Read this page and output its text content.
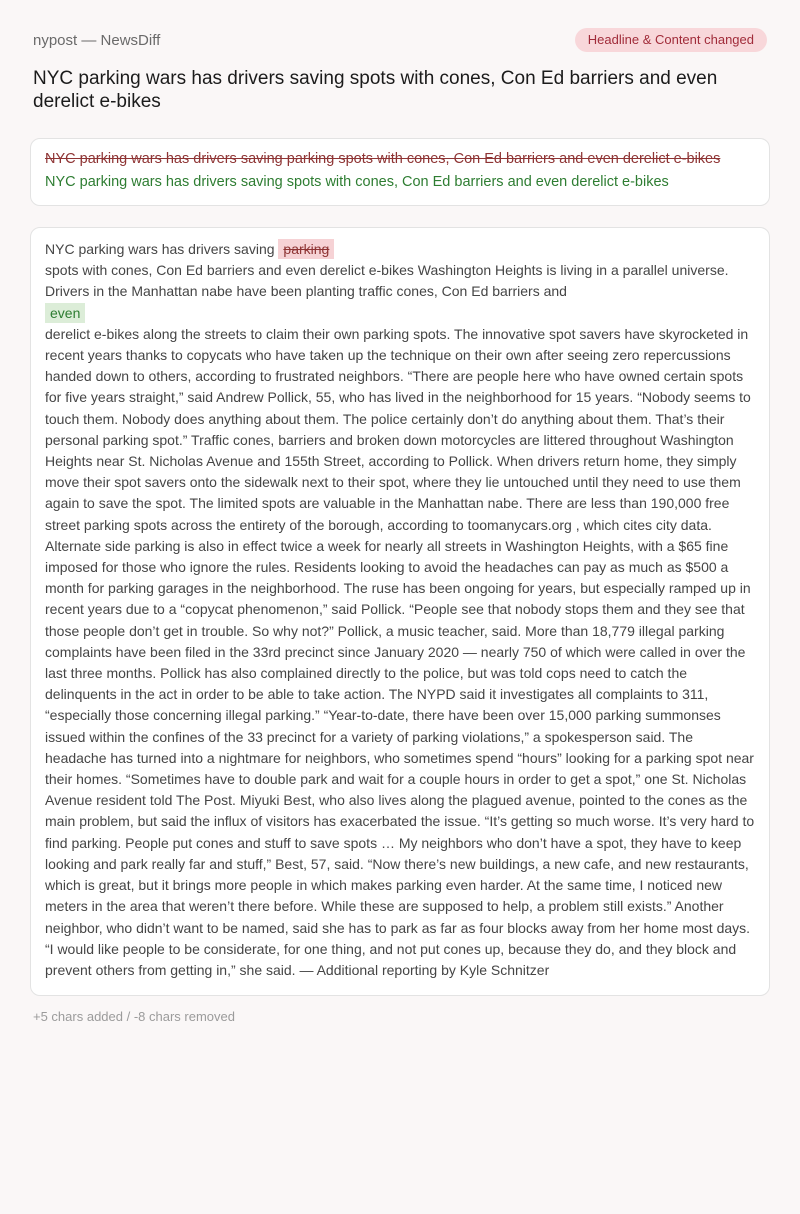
nypost — NewsDiff	Headline & Content changed
NYC parking wars has drivers saving spots with cones, Con Ed barriers and even derelict e-bikes
NYC parking wars has drivers saving parking spots with cones, Con Ed barriers and even derelict e-bikes
NYC parking wars has drivers saving spots with cones, Con Ed barriers and even derelict e-bikes
NYC parking wars has drivers saving parking
spots with cones, Con Ed barriers and even derelict e-bikes Washington Heights is living in a parallel universe. Drivers in the Manhattan nabe have been planting traffic cones, Con Ed barriers and
even
derelict e-bikes along the streets to claim their own parking spots. The innovative spot savers have skyrocketed in recent years thanks to copycats who have taken up the technique on their own after seeing zero repercussions handed down to others, according to frustrated neighbors. “There are people here who have owned certain spots for five years straight,” said Andrew Pollick, 55, who has lived in the neighborhood for 15 years. “Nobody seems to touch them. Nobody does anything about them. The police certainly don’t do anything about them. That’s their personal parking spot.” Traffic cones, barriers and broken down motorcycles are littered throughout Washington Heights near St. Nicholas Avenue and 155th Street, according to Pollick. When drivers return home, they simply move their spot savers onto the sidewalk next to their spot, where they lie untouched until they need to use them again to save the spot. The limited spots are valuable in the Manhattan nabe. There are less than 190,000 free street parking spots across the entirety of the borough, according to toomanycars.org , which cites city data. Alternate side parking is also in effect twice a week for nearly all streets in Washington Heights, with a $65 fine imposed for those who ignore the rules. Residents looking to avoid the headaches can pay as much as $500 a month for parking garages in the neighborhood. The ruse has been ongoing for years, but especially ramped up in recent years due to a “copycat phenomenon,” said Pollick. “People see that nobody stops them and they see that those people don’t get in trouble. So why not?” Pollick, a music teacher, said. More than 18,779 illegal parking complaints have been filed in the 33rd precinct since January 2020 — nearly 750 of which were called in over the last three months. Pollick has also complained directly to the police, but was told cops need to catch the delinquents in the act in order to be able to take action. The NYPD said it investigates all complaints to 311, “especially those concerning illegal parking.” “Year-to-date, there have been over 15,000 parking summonses issued within the confines of the 33 precinct for a variety of parking violations,” a spokesperson said. The headache has turned into a nightmare for neighbors, who sometimes spend “hours” looking for a parking spot near their homes. “Sometimes have to double park and wait for a couple hours in order to get a spot,” one St. Nicholas Avenue resident told The Post. Miyuki Best, who also lives along the plagued avenue, pointed to the cones as the main problem, but said the influx of visitors has exacerbated the issue. “It’s getting so much worse. It’s very hard to find parking. People put cones and stuff to save spots … My neighbors who don’t have a spot, they have to keep looking and park really far and stuff,” Best, 57, said. “Now there’s new buildings, a new cafe, and new restaurants, which is great, but it brings more people in which makes parking even harder. At the same time, I noticed new meters in the area that weren’t there before. While these are supposed to help, a problem still exists.” Another neighbor, who didn’t want to be named, said she has to park as far as four blocks away from her home most days. “I would like people to be considerate, for one thing, and not put cones up, because they do, and they block and prevent others from getting in,” she said. — Additional reporting by Kyle Schnitzer
+5 chars added / -8 chars removed
